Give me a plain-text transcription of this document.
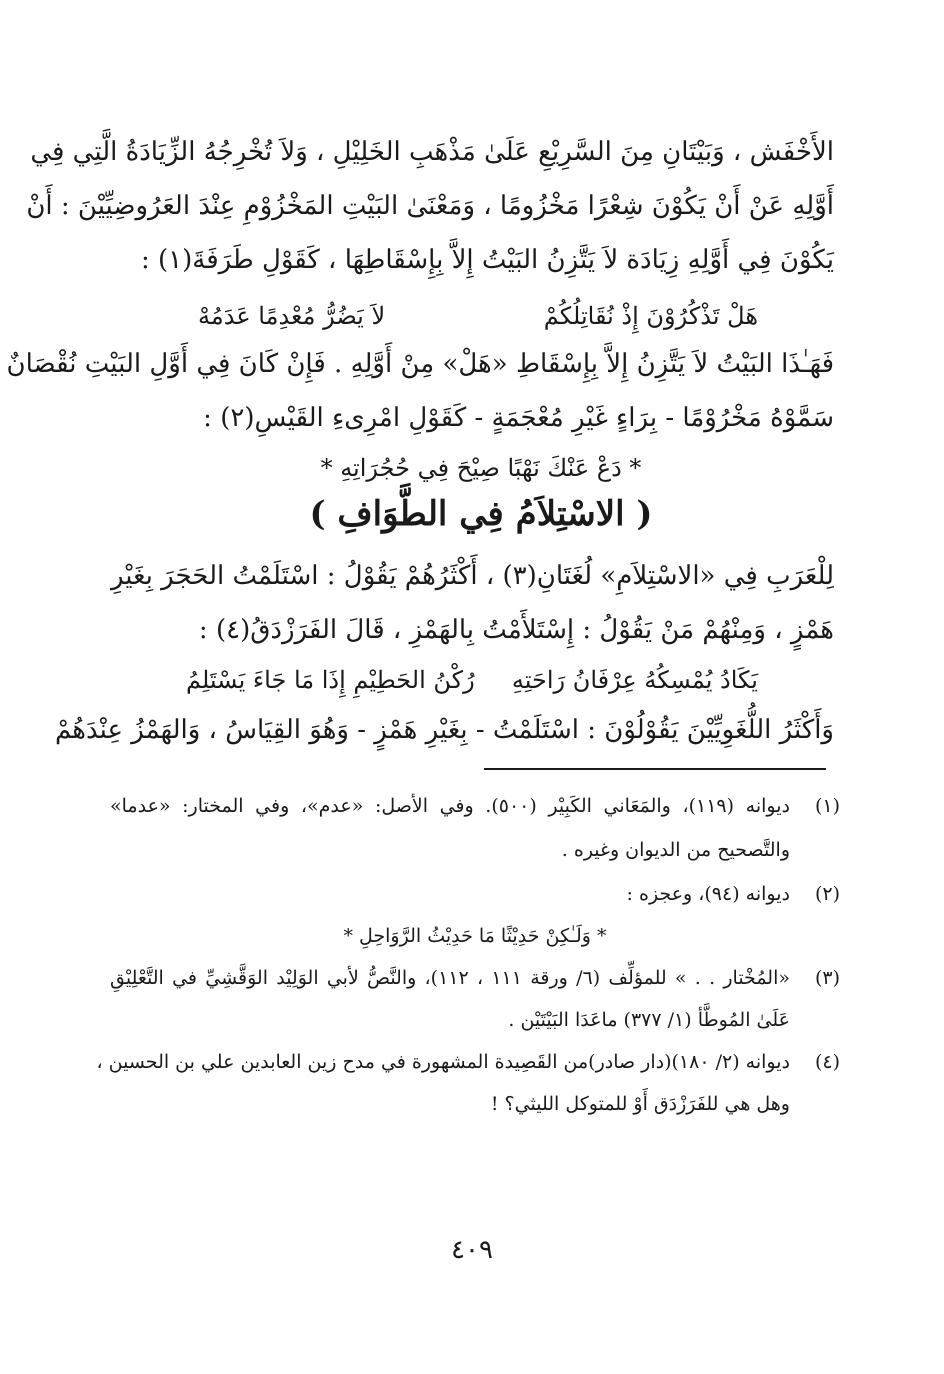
الأَخْفَش ، وَبَيْتَانِ مِنَ السَّرِيْعِ عَلَىٰ مَذْهَبِ الخَلِيْلِ ، وَلاَ تُخْرِجُهُ الزِّيَادَةُ الَّتِي فِي
أَوَّلِهِ عَنْ أَنْ يَكُوْنَ شِعْرًا مَخْزُومًا ، وَمَعْنَىٰ البَيْتِ المَخْزُوْمِ عِنْدَ العَرُوضِيِّيْنَ : أَنْ
يَكُوْنَ فِي أَوَّلِهِ زِيَادَة لاَ يَتَّزِنُ البَيْتُ إِلاَّ بِإِسْقَاطِهَا ، كَقَوْلِ طَرَفَةَ(١) :
هَلْ تَذْكُرُوْنَ إِذْ نُقَاتِلُكُمْ
لاَ يَضُرُّ مُعْدِمًا عَدَمُهْ
فَهَـٰذَا البَيْتُ لاَ يَتَّزِنُ إِلاَّ بِإِسْقَاطِ «هَلْ» مِنْ أَوَّلِهِ . فَإِنْ كَانَ فِي أَوَّلِ البَيْتِ نُقْصَانٌ
سَمَّوْهُ مَخْرُوْمًا - بِرَاءٍ غَيْرِ مُعْجَمَةٍ - كَقَوْلِ امْرِىءِ القَيْسِ(٢) :
* دَعْ عَنْكَ نَهْبًا صِيْحَ فِي حُجُرَاتِهِ *
( الاسْتِلاَمُ فِي الطَّوَافِ )
لِلْعَرَبِ فِي «الاسْتِلاَمِ» لُغَتَانِ(٣) ، أَكْثَرُهُمْ يَقُوْلُ : اسْتَلَمْتُ الحَجَرَ بِغَيْرِ
هَمْزٍ ، وَمِنْهُمْ مَنْ يَقُوْلُ : إِسْتَلأَمْتُ بِالهَمْزِ ، قَالَ الفَرَزْدَقُ(٤) :
يَكَادُ يُمْسِكُهُ عِرْفَانُ رَاحَتِهِ
رُكْنُ الحَطِيْمِ إِذَا مَا جَاءَ يَسْتَلِمُ
وَأَكْثَرُ اللُّغَوِيِّيْنَ يَقُوْلُوْنَ : اسْتَلَمْتُ - بِغَيْرِ هَمْزٍ - وَهُوَ القِيَاسُ ، وَالهَمْزُ عِنْدَهُمْ
(١)
ديوانه (١١٩)، والمَعَاني الكَبِيْر (٥٠٠). وفي الأصل: «عدم»، وفي المختار: «عدما»
والتَّصحيح من الديوان وغيره .
(٢)
ديوانه (٩٤)، وعجزه :
* وَلَـٰكِنْ حَدِيْثًا مَا حَدِيْثُ الرَّوَاحِلِ *
(٣)
«المُخْتار . . » للمؤلِّف (٦/ ورقة ١١١ ، ١١٢)، والنَّصُّ لأبي الوَلِيْد الوَقَّشِيِّ في التَّعْلِيْقِ
عَلَىٰ المُوطَّأ (١/ ٣٧٧) ماعَدَا البَيْتَيْن .
(٤)
ديوانه (٢/ ١٨٠)(دار صادر)من القَصِيدة المشهورة في مدح زين العابدين علي بن الحسين ،
وهل هي للفَرَزْدَق أَوْ للمتوكل الليثي؟ !
٤٠٩
